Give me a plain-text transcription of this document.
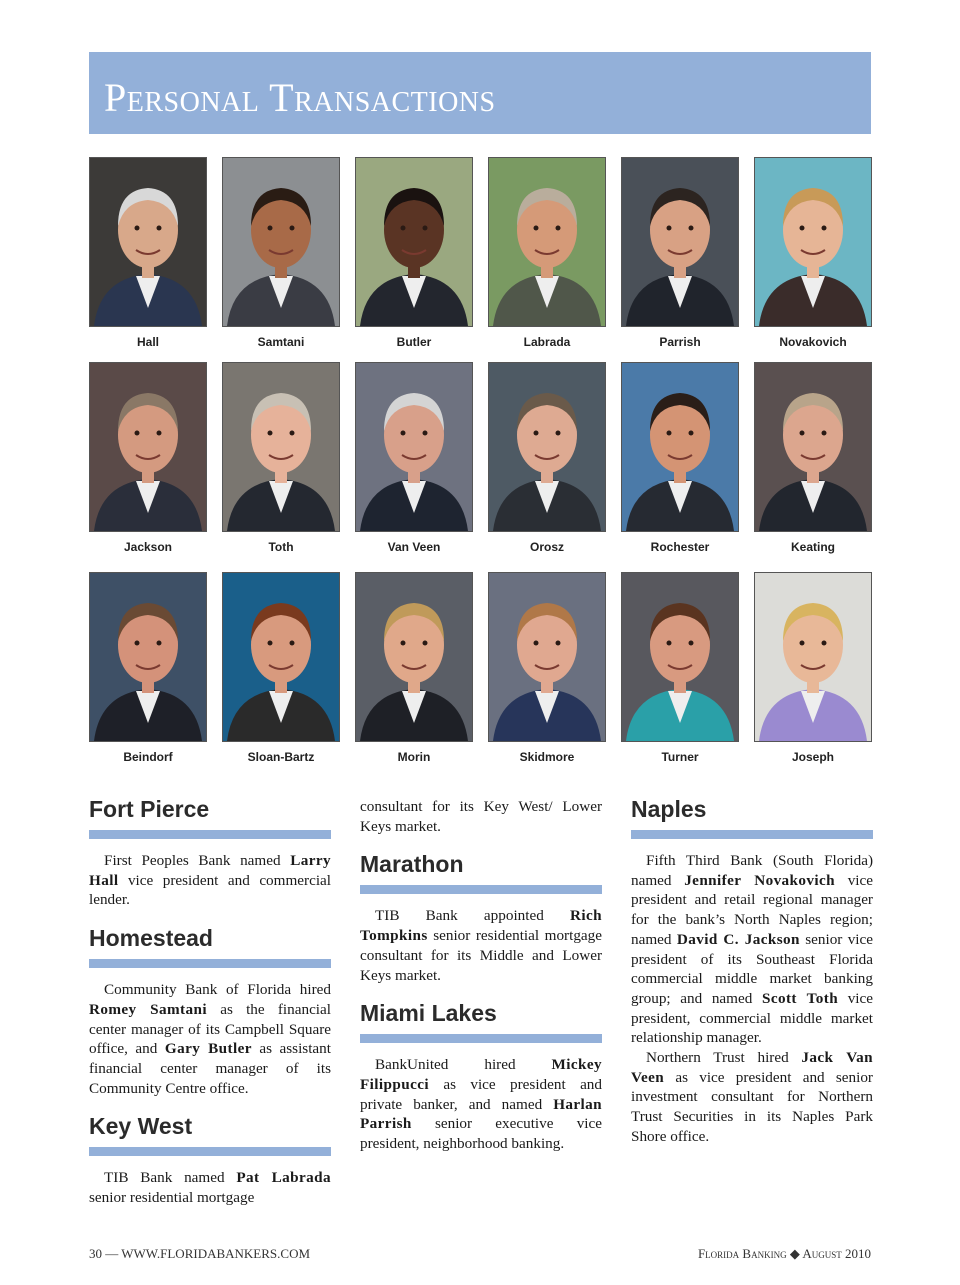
Personal Transactions
Hall	Samtani	Butler	Labrada	Parrish	Novakovich
Jackson	Toth	Van Veen	Orosz	Rochester	Keating
Beindorf	Sloan-Bartz	Morin	Skidmore	Turner	Joseph
Fort Pierce

First Peoples Bank named Larry Hall vice president and commercial lender.

Homestead

Community Bank of Florida hired Romey Samtani as the financial center manager of its Campbell Square office, and Gary Butler as assistant financial center manager of its Community Centre office.

Key West

TIB Bank named Pat Labrada senior residential mortgage

consultant for its Key West/ Lower Keys market.

Marathon

TIB Bank appointed Rich Tompkins senior residential mortgage consultant for its Middle and Lower Keys market.

Miami Lakes

BankUnited hired Mickey Filippucci as vice president and private banker, and named Harlan Parrish senior executive vice president, neighborhood banking.

Naples

Fifth Third Bank (South Florida) named Jennifer Novakovich vice president and retail regional manager for the bank’s North Naples region; named David C. Jackson senior vice president of its Southeast Florida commercial middle market banking group; and named Scott Toth vice president, commercial middle market relationship manager.

Northern Trust hired Jack Van Veen as vice president and senior investment consultant for Northern Trust Securities in its Naples Park Shore office.

30 — WWW.FLORIDABANKERS.COM	Florida Banking ◆ August 2010
